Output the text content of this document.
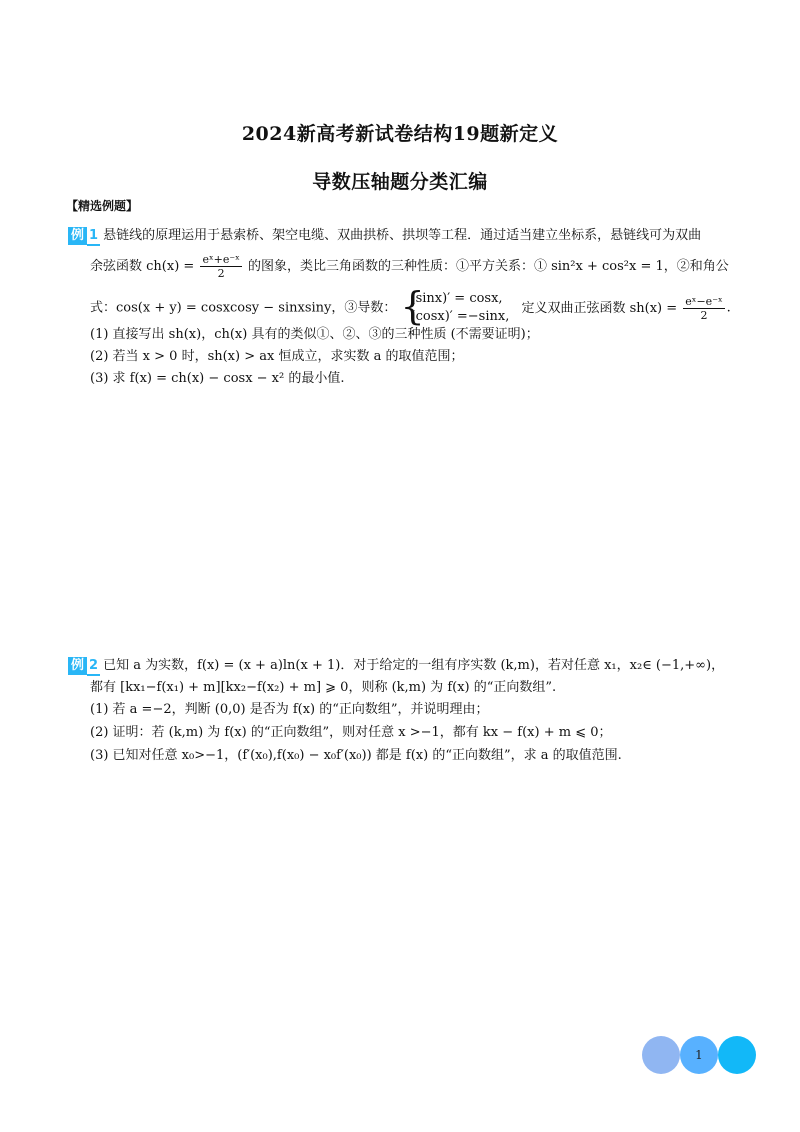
2024新高考新试卷结构19题新定义
导数压轴题分类汇编
【精选例题】
例 1 悬链线的原理运用于悬索桥、架空电缆、双曲拱桥、拱坝等工程．通过适当建立坐标系，悬链线可为双曲
余弦函数 $ch(x) = \frac{\text{eˣ+e⁻ˣ}}{2}$ 的图象，类比三角函数的三种性质：①平方关系：① sin²x + cos²x = 1，②和角公
式：cos(x + y) = cosxcosy − sinxsiny，③导数： {
(sinx)′ = cosx,
(cosx)′ =−sinx,
定义双曲正弦函数 $sh(x) = \frac{\text{eˣ−e⁻ˣ}}{2}$ .
(1) 直接写出 sh(x)，ch(x) 具有的类似①、②、③的三种性质 (不需要证明)；
(2) 若当 x > 0 时，sh(x) > ax 恒成立，求实数 a 的取值范围；
(3) 求 f(x) = ch(x) − cosx − x² 的最小值.
例 2 已知 a 为实数，f(x) = (x + a)ln(x + 1)．对于给定的一组有序实数 (k,m)，若对任意 x₁，x₂∈ (−1,+∞)，
都有 [kx₁−f(x₁) + m][kx₂−f(x₂) + m] ⩾ 0，则称 (k,m) 为 f(x) 的“正向数组”.
(1) 若 a =−2，判断 (0,0) 是否为 f(x) 的“正向数组”，并说明理由；
(2) 证明：若 (k,m) 为 f(x) 的“正向数组”，则对任意 x >−1，都有 kx − f(x) + m ⩽ 0；
(3) 已知对任意 x₀>−1，(f′(x₀),f(x₀) − x₀f′(x₀)) 都是 f(x) 的“正向数组”，求 a 的取值范围.
1
